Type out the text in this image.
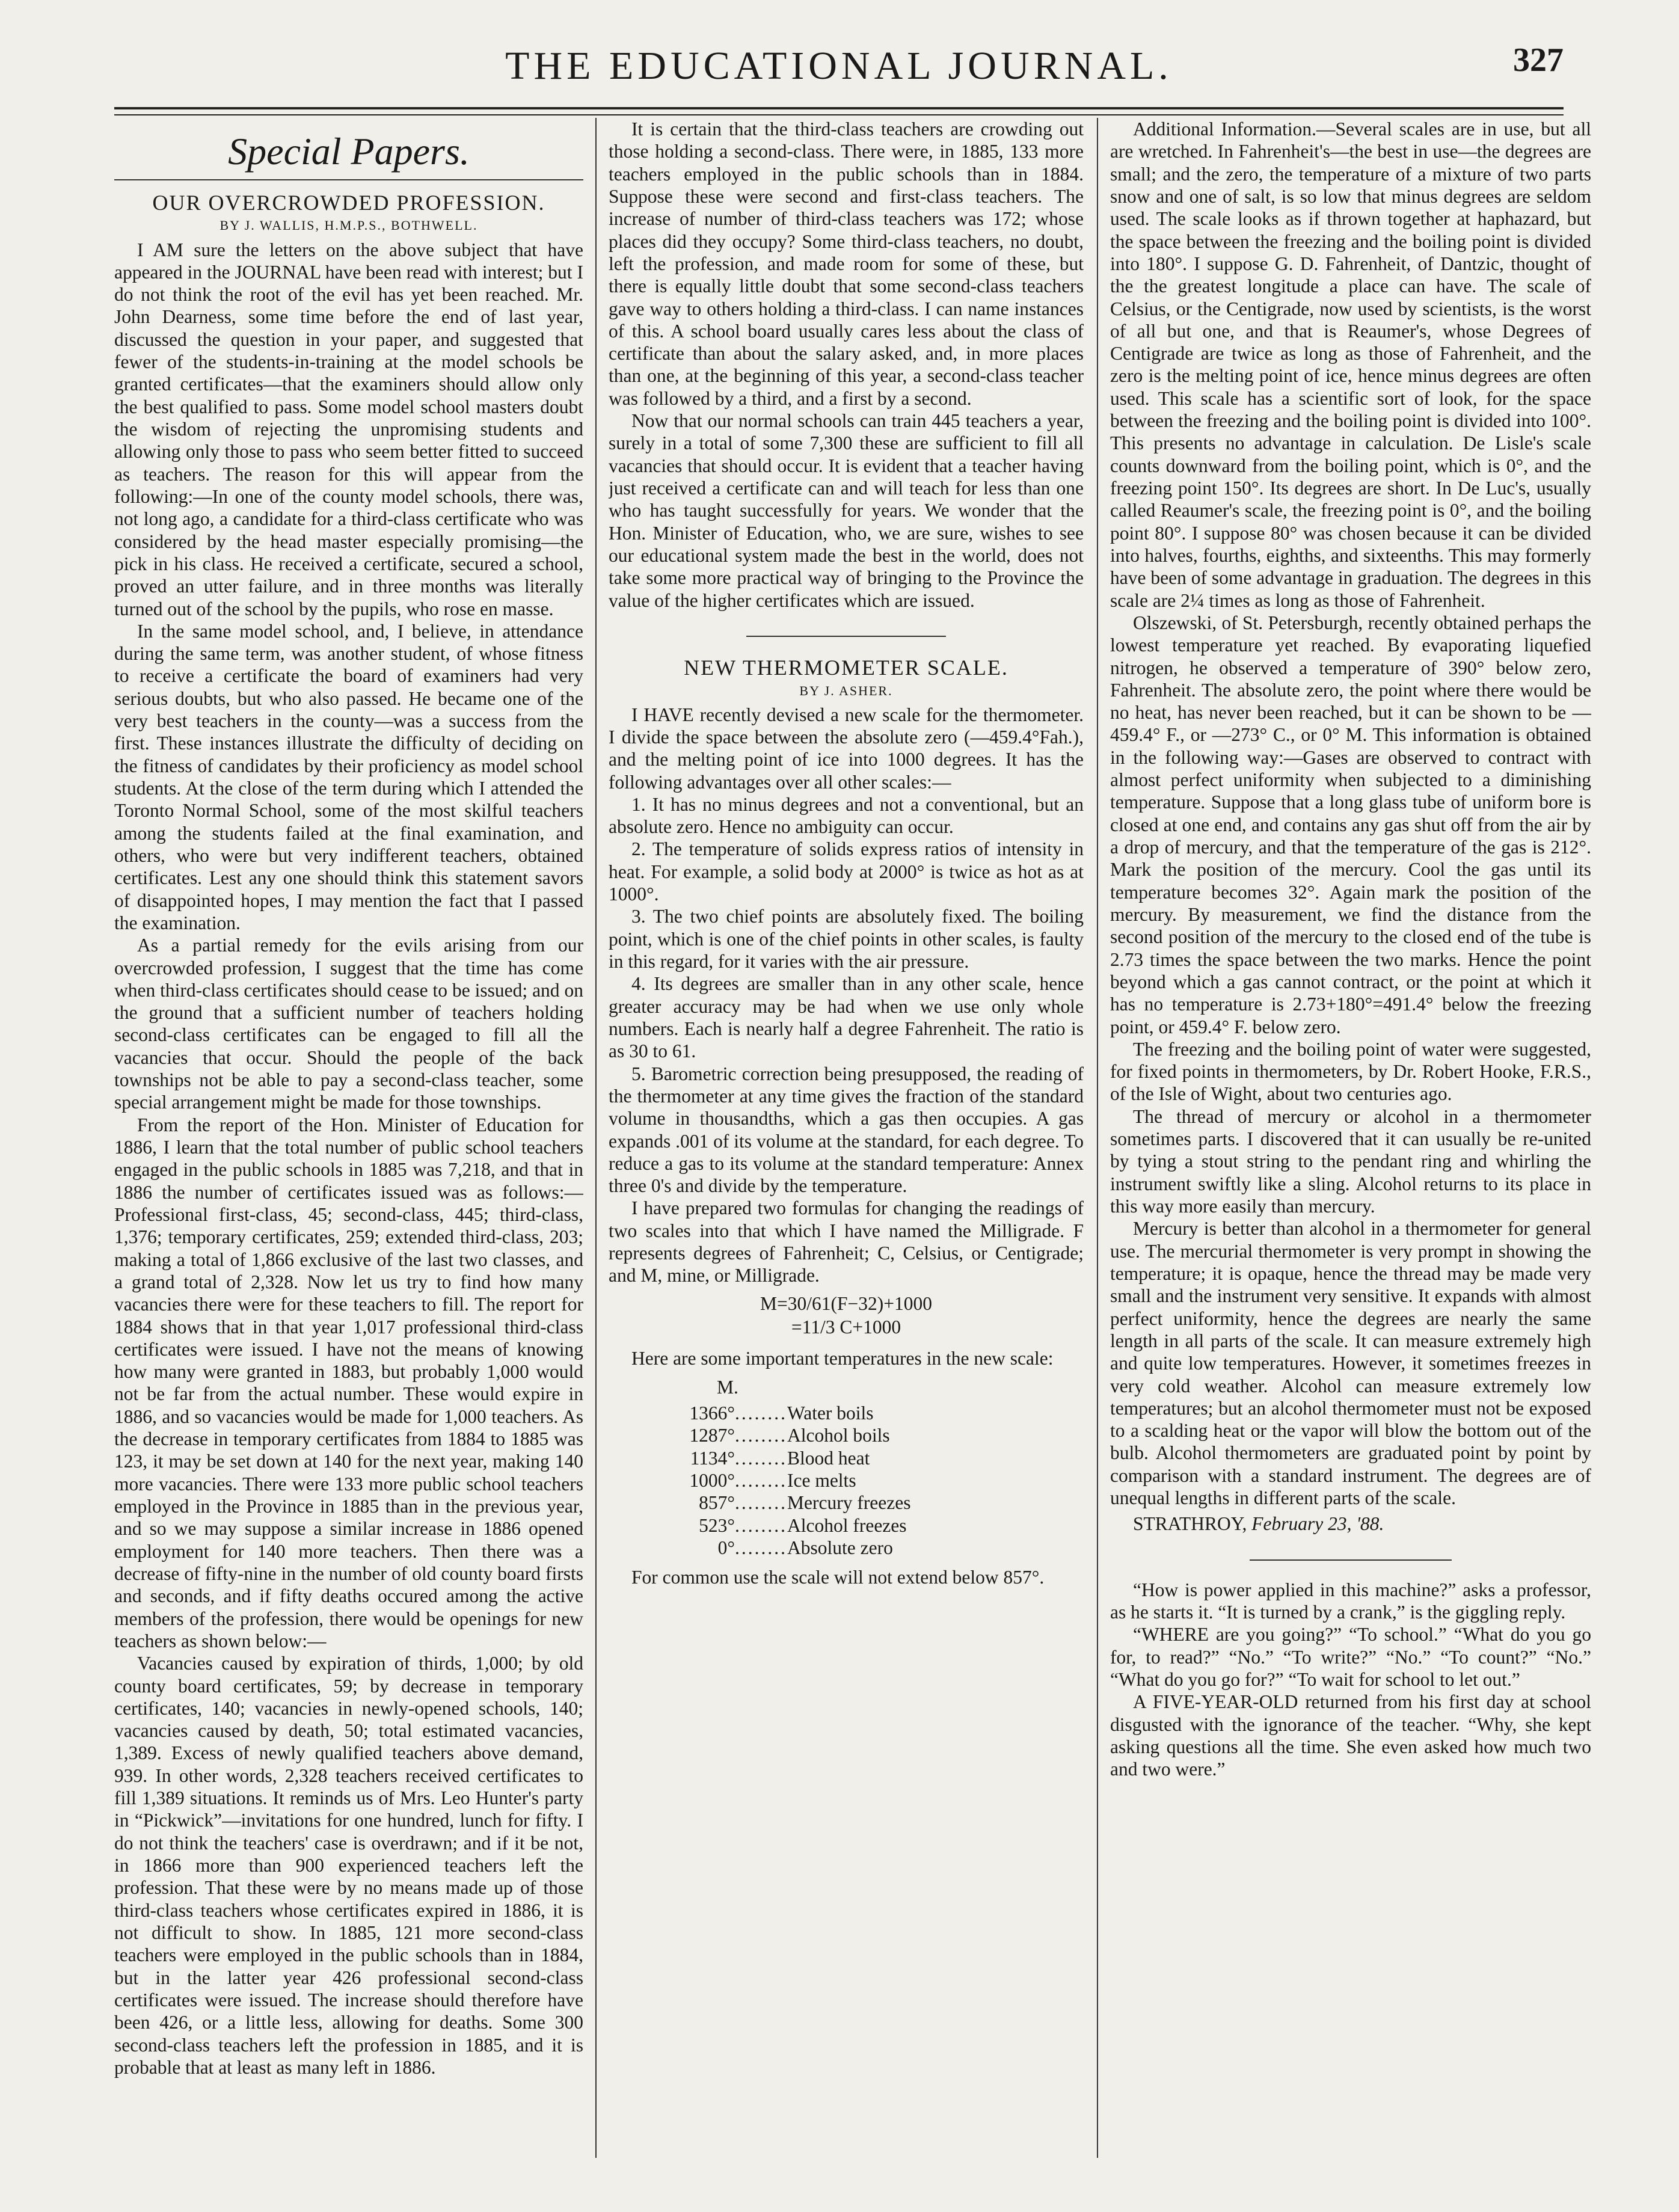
THE EDUCATIONAL JOURNAL.	327
Special Papers.
OUR OVERCROWDED PROFESSION.
BY J. WALLIS, H.M.P.S., BOTHWELL.

I AM sure the letters on the above subject that have appeared in the JOURNAL have been read with interest; but I do not think the root of the evil has yet been reached. Mr. John Dearness, some time before the end of last year, discussed the question in your paper, and suggested that fewer of the students-in-training at the model schools be granted certificates—that the examiners should allow only the best qualified to pass. Some model school masters doubt the wisdom of rejecting the unpromising students and allowing only those to pass who seem better fitted to succeed as teachers. The reason for this will appear from the following:—In one of the county model schools, there was, not long ago, a candidate for a third-class certificate who was considered by the head master especially promising—the pick in his class. He received a certificate, secured a school, proved an utter failure, and in three months was literally turned out of the school by the pupils, who rose en masse.

In the same model school, and, I believe, in attendance during the same term, was another student, of whose fitness to receive a certificate the board of examiners had very serious doubts, but who also passed. He became one of the very best teachers in the county—was a success from the first. These instances illustrate the difficulty of deciding on the fitness of candidates by their proficiency as model school students. At the close of the term during which I attended the Toronto Normal School, some of the most skilful teachers among the students failed at the final examination, and others, who were but very indifferent teachers, obtained certificates. Lest any one should think this statement savors of disappointed hopes, I may mention the fact that I passed the examination.

As a partial remedy for the evils arising from our overcrowded profession, I suggest that the time has come when third-class certificates should cease to be issued; and on the ground that a sufficient number of teachers holding second-class certificates can be engaged to fill all the vacancies that occur. Should the people of the back townships not be able to pay a second-class teacher, some special arrangement might be made for those townships.

From the report of the Hon. Minister of Education for 1886, I learn that the total number of public school teachers engaged in the public schools in 1885 was 7,218, and that in 1886 the number of certificates issued was as follows:—Professional first-class, 45; second-class, 445; third-class, 1,376; temporary certificates, 259; extended third-class, 203; making a total of 1,866 exclusive of the last two classes, and a grand total of 2,328. Now let us try to find how many vacancies there were for these teachers to fill. The report for 1884 shows that in that year 1,017 professional third-class certificates were issued. I have not the means of knowing how many were granted in 1883, but probably 1,000 would not be far from the actual number. These would expire in 1886, and so vacancies would be made for 1,000 teachers. As the decrease in temporary certificates from 1884 to 1885 was 123, it may be set down at 140 for the next year, making 140 more vacancies. There were 133 more public school teachers employed in the Province in 1885 than in the previous year, and so we may suppose a similar increase in 1886 opened employment for 140 more teachers. Then there was a decrease of fifty-nine in the number of old county board firsts and seconds, and if fifty deaths occured among the active members of the profession, there would be openings for new teachers as shown below:—

Vacancies caused by expiration of thirds, 1,000; by old county board certificates, 59; by decrease in temporary certificates, 140; vacancies in newly-opened schools, 140; vacancies caused by death, 50; total estimated vacancies, 1,389. Excess of newly qualified teachers above demand, 939. In other words, 2,328 teachers received certificates to fill 1,389 situations. It reminds us of Mrs. Leo Hunter's party in “Pickwick”—invitations for one hundred, lunch for fifty. I do not think the teachers' case is overdrawn; and if it be not, in 1866 more than 900 experienced teachers left the profession. That these were by no means made up of those third-class teachers whose certificates expired in 1886, it is not difficult to show. In 1885, 121 more second-class teachers were employed in the public schools than in 1884, but in the latter year 426 professional second-class certificates were issued. The increase should therefore have been 426, or a little less, allowing for deaths. Some 300 second-class teachers left the profession in 1885, and it is probable that at least as many left in 1886.

It is certain that the third-class teachers are crowding out those holding a second-class. There were, in 1885, 133 more teachers employed in the public schools than in 1884. Suppose these were second and first-class teachers. The increase of number of third-class teachers was 172; whose places did they occupy? Some third-class teachers, no doubt, left the profession, and made room for some of these, but there is equally little doubt that some second-class teachers gave way to others holding a third-class. I can name instances of this. A school board usually cares less about the class of certificate than about the salary asked, and, in more places than one, at the beginning of this year, a second-class teacher was followed by a third, and a first by a second.

Now that our normal schools can train 445 teachers a year, surely in a total of some 7,300 these are sufficient to fill all vacancies that should occur. It is evident that a teacher having just received a certificate can and will teach for less than one who has taught successfully for years. We wonder that the Hon. Minister of Education, who, we are sure, wishes to see our educational system made the best in the world, does not take some more practical way of bringing to the Province the value of the higher certificates which are issued.

NEW THERMOMETER SCALE.
BY J. ASHER.

I HAVE recently devised a new scale for the thermometer. I divide the space between the absolute zero (—459.4°Fah.), and the melting point of ice into 1000 degrees. It has the following advantages over all other scales:—

1. It has no minus degrees and not a conventional, but an absolute zero. Hence no ambiguity can occur.

2. The temperature of solids express ratios of intensity in heat. For example, a solid body at 2000° is twice as hot as at 1000°.

3. The two chief points are absolutely fixed. The boiling point, which is one of the chief points in other scales, is faulty in this regard, for it varies with the air pressure.

4. Its degrees are smaller than in any other scale, hence greater accuracy may be had when we use only whole numbers. Each is nearly half a degree Fahrenheit. The ratio is as 30 to 61.

5. Barometric correction being presupposed, the reading of the thermometer at any time gives the fraction of the standard volume in thousandths, which a gas then occupies. A gas expands .001 of its volume at the standard, for each degree. To reduce a gas to its volume at the standard temperature: Annex three 0's and divide by the temperature.

I have prepared two formulas for changing the readings of two scales into that which I have named the Milligrade. F represents degrees of Fahrenheit; C, Celsius, or Centigrade; and M, mine, or Milligrade.

M=30/61(F−32)+1000
=11/3 C+1000

Here are some important temperatures in the new scale:

M.
1366°........Water boils
1287°........Alcohol boils
1134°........Blood heat
1000°........Ice melts
857°........Mercury freezes
523°........Alcohol freezes
0°........Absolute zero

For common use the scale will not extend below 857°.

Additional Information.—Several scales are in use, but all are wretched. In Fahrenheit's—the best in use—the degrees are small; and the zero, the temperature of a mixture of two parts snow and one of salt, is so low that minus degrees are seldom used. The scale looks as if thrown together at haphazard, but the space between the freezing and the boiling point is divided into 180°. I suppose G. D. Fahrenheit, of Dantzic, thought of the the greatest longitude a place can have. The scale of Celsius, or the Centigrade, now used by scientists, is the worst of all but one, and that is Reaumer's, whose Degrees of Centigrade are twice as long as those of Fahrenheit, and the zero is the melting point of ice, hence minus degrees are often used. This scale has a scientific sort of look, for the space between the freezing and the boiling point is divided into 100°. This presents no advantage in calculation. De Lisle's scale counts downward from the boiling point, which is 0°, and the freezing point 150°. Its degrees are short. In De Luc's, usually called Reaumer's scale, the freezing point is 0°, and the boiling point 80°. I suppose 80° was chosen because it can be divided into halves, fourths, eighths, and sixteenths. This may formerly have been of some advantage in graduation. The degrees in this scale are 2¼ times as long as those of Fahrenheit.

Olszewski, of St. Petersburgh, recently obtained perhaps the lowest temperature yet reached. By evaporating liquefied nitrogen, he observed a temperature of 390° below zero, Fahrenheit. The absolute zero, the point where there would be no heat, has never been reached, but it can be shown to be —459.4° F., or —273° C., or 0° M. This information is obtained in the following way:—Gases are observed to contract with almost perfect uniformity when subjected to a diminishing temperature. Suppose that a long glass tube of uniform bore is closed at one end, and contains any gas shut off from the air by a drop of mercury, and that the temperature of the gas is 212°. Mark the position of the mercury. Cool the gas until its temperature becomes 32°. Again mark the position of the mercury. By measurement, we find the distance from the second position of the mercury to the closed end of the tube is 2.73 times the space between the two marks. Hence the point beyond which a gas cannot contract, or the point at which it has no temperature is 2.73+180°=491.4° below the freezing point, or 459.4° F. below zero.

The freezing and the boiling point of water were suggested, for fixed points in thermometers, by Dr. Robert Hooke, F.R.S., of the Isle of Wight, about two centuries ago.

The thread of mercury or alcohol in a thermometer sometimes parts. I discovered that it can usually be re-united by tying a stout string to the pendant ring and whirling the instrument swiftly like a sling. Alcohol returns to its place in this way more easily than mercury.

Mercury is better than alcohol in a thermometer for general use. The mercurial thermometer is very prompt in showing the temperature; it is opaque, hence the thread may be made very small and the instrument very sensitive. It expands with almost perfect uniformity, hence the degrees are nearly the same length in all parts of the scale. It can measure extremely high and quite low temperatures. However, it sometimes freezes in very cold weather. Alcohol can measure extremely low temperatures; but an alcohol thermometer must not be exposed to a scalding heat or the vapor will blow the bottom out of the bulb. Alcohol thermometers are graduated point by point by comparison with a standard instrument. The degrees are of unequal lengths in different parts of the scale.

STRATHROY, February 23, '88.

“How is power applied in this machine?” asks a professor, as he starts it. “It is turned by a crank,” is the giggling reply.

“WHERE are you going?” “To school.” “What do you go for, to read?” “No.” “To write?” “No.” “To count?” “No.” “What do you go for?” “To wait for school to let out.”

A FIVE-YEAR-OLD returned from his first day at school disgusted with the ignorance of the teacher. “Why, she kept asking questions all the time. She even asked how much two and two were.”
